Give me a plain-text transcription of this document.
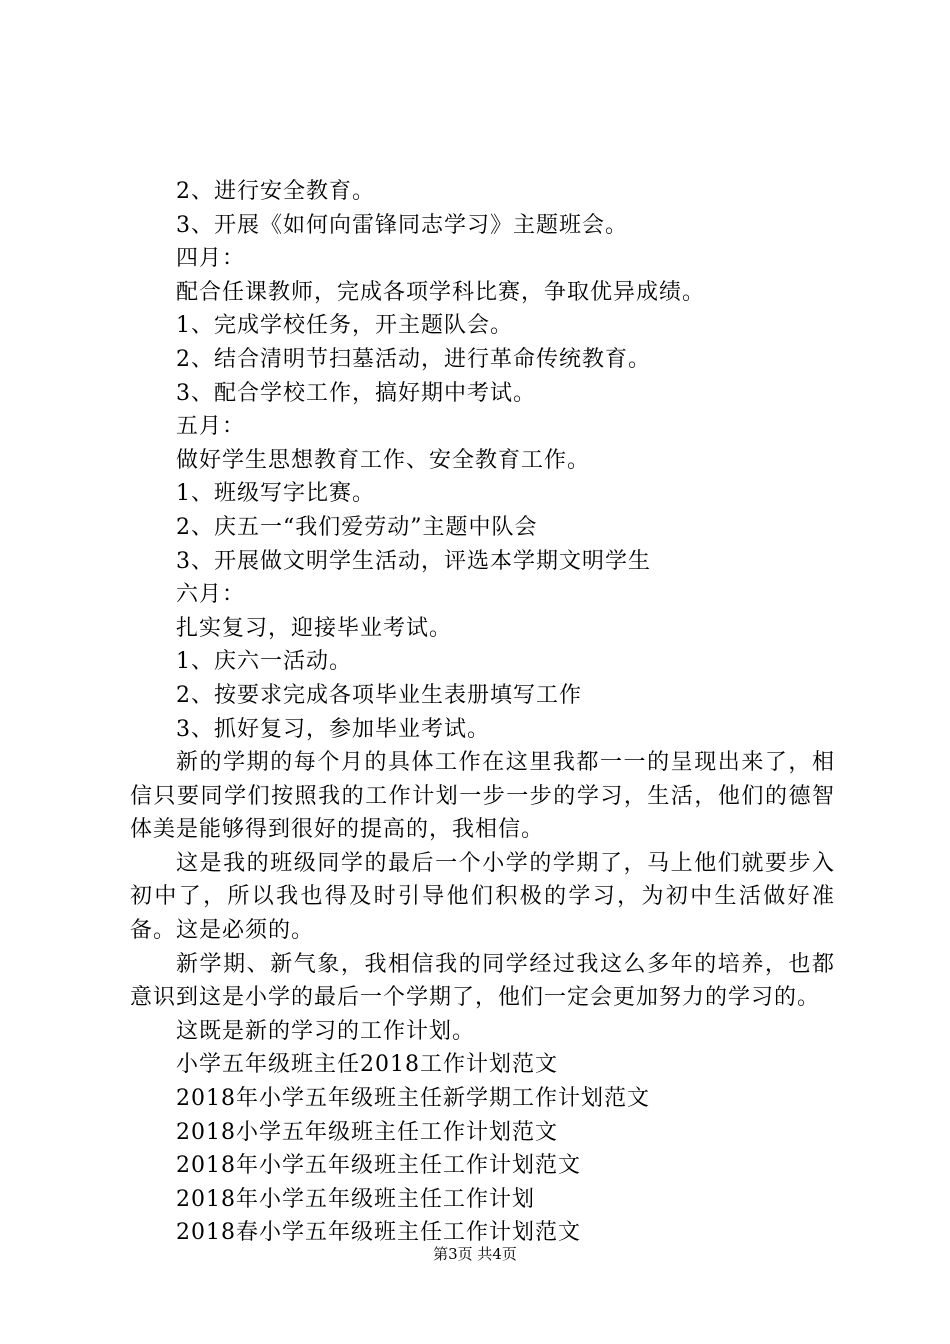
2、进行安全教育。
3、开展《如何向雷锋同志学习》主题班会。
四月：
配合任课教师，完成各项学科比赛，争取优异成绩。
1、完成学校任务，开主题队会。
2、结合清明节扫墓活动，进行革命传统教育。
3、配合学校工作，搞好期中考试。
五月：
做好学生思想教育工作、安全教育工作。
1、班级写字比赛。
2、庆五一“我们爱劳动”主题中队会
3、开展做文明学生活动，评选本学期文明学生
六月：
扎实复习，迎接毕业考试。
1、庆六一活动。
2、按要求完成各项毕业生表册填写工作
3、抓好复习，参加毕业考试。

新的学期的每个月的具体工作在这里我都一一的呈现出来了，相信只要同学们按照我的工作计划一步一步的学习，生活，他们的德智体美是能够得到很好的提高的，我相信。

这是我的班级同学的最后一个小学的学期了，马上他们就要步入初中了，所以我也得及时引导他们积极的学习，为初中生活做好准备。这是必须的。

新学期、新气象，我相信我的同学经过我这么多年的培养，也都意识到这是小学的最后一个学期了，他们一定会更加努力的学习的。

这既是新的学习的工作计划。
小学五年级班主任2018工作计划范文
2018年小学五年级班主任新学期工作计划范文
2018小学五年级班主任工作计划范文
2018年小学五年级班主任工作计划范文
2018年小学五年级班主任工作计划
2018春小学五年级班主任工作计划范文
第3页 共4页
